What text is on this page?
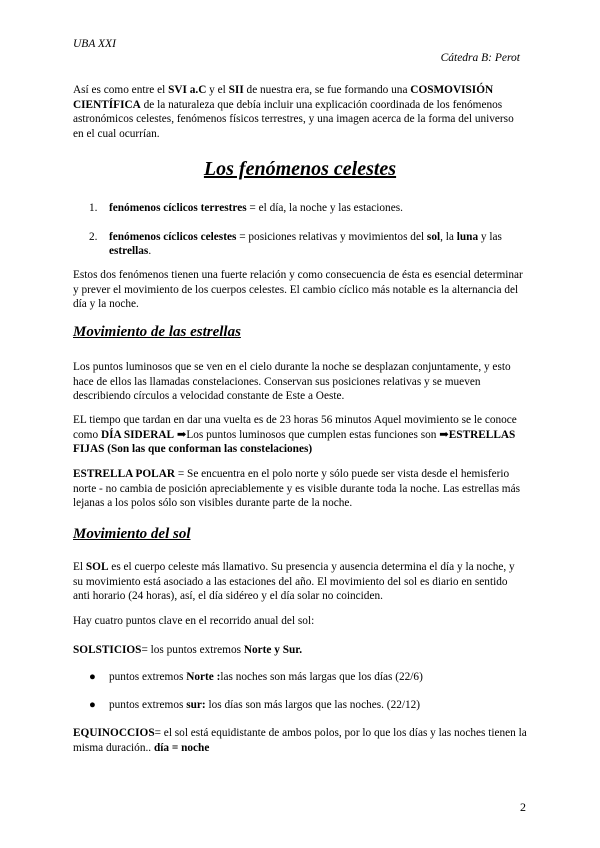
UBA XXI
Cátedra B: Perot

Así es como entre el SVI a.C y el SII de nuestra era, se fue formando una COSMOVISIÓN CIENTÍFICA de la naturaleza que debía incluir una explicación coordinada de los fenómenos astronómicos celestes, fenómenos físicos terrestres, y una imagen acerca de la forma del universo en el cual ocurrían.

Los fenómenos celestes
1. fenómenos cíclicos terrestres = el día, la noche y las estaciones.
2. fenómenos cíclicos celestes = posiciones relativas y movimientos del sol, la luna y las estrellas.

Estos dos fenómenos tienen una fuerte relación y como consecuencia de ésta es esencial determinar y prever el movimiento de los cuerpos celestes. El cambio cíclico más notable es la alternancia del día y la noche.

Movimiento de las estrellas

Los puntos luminosos que se ven en el cielo durante la noche se desplazan conjuntamente, y esto hace de ellos las llamadas constelaciones. Conservan sus posiciones relativas y se mueven describiendo círculos a velocidad constante de Este a Oeste.

EL tiempo que tardan en dar una vuelta es de 23 horas 56 minutos Aquel movimiento se le conoce como DÍA SIDERAL ➡Los puntos luminosos que cumplen estas funciones son ➡ESTRELLAS FIJAS (Son las que conforman las constelaciones)

ESTRELLA POLAR = Se encuentra en el polo norte y sólo puede ser vista desde el hemisferio norte - no cambia de posición apreciablemente y es visible durante toda la noche. Las estrellas más lejanas a los polos sólo son visibles durante parte de la noche.

Movimiento del sol

El SOL es el cuerpo celeste más llamativo. Su presencia y ausencia determina el día y la noche, y su movimiento está asociado a las estaciones del año. El movimiento del sol es diario en sentido anti horario (24 horas), así, el día sidéreo y el día solar no coinciden.

Hay cuatro puntos clave en el recorrido anual del sol:

SOLSTICIOS= los puntos extremos Norte y Sur.

● puntos extremos Norte :las noches son más largas que los días (22/6)
● puntos extremos sur: los días son más largos que las noches. (22/12)

EQUINOCCIOS= el sol está equidistante de ambos polos, por lo que los días y las noches tienen la misma duración.. día = noche

2
